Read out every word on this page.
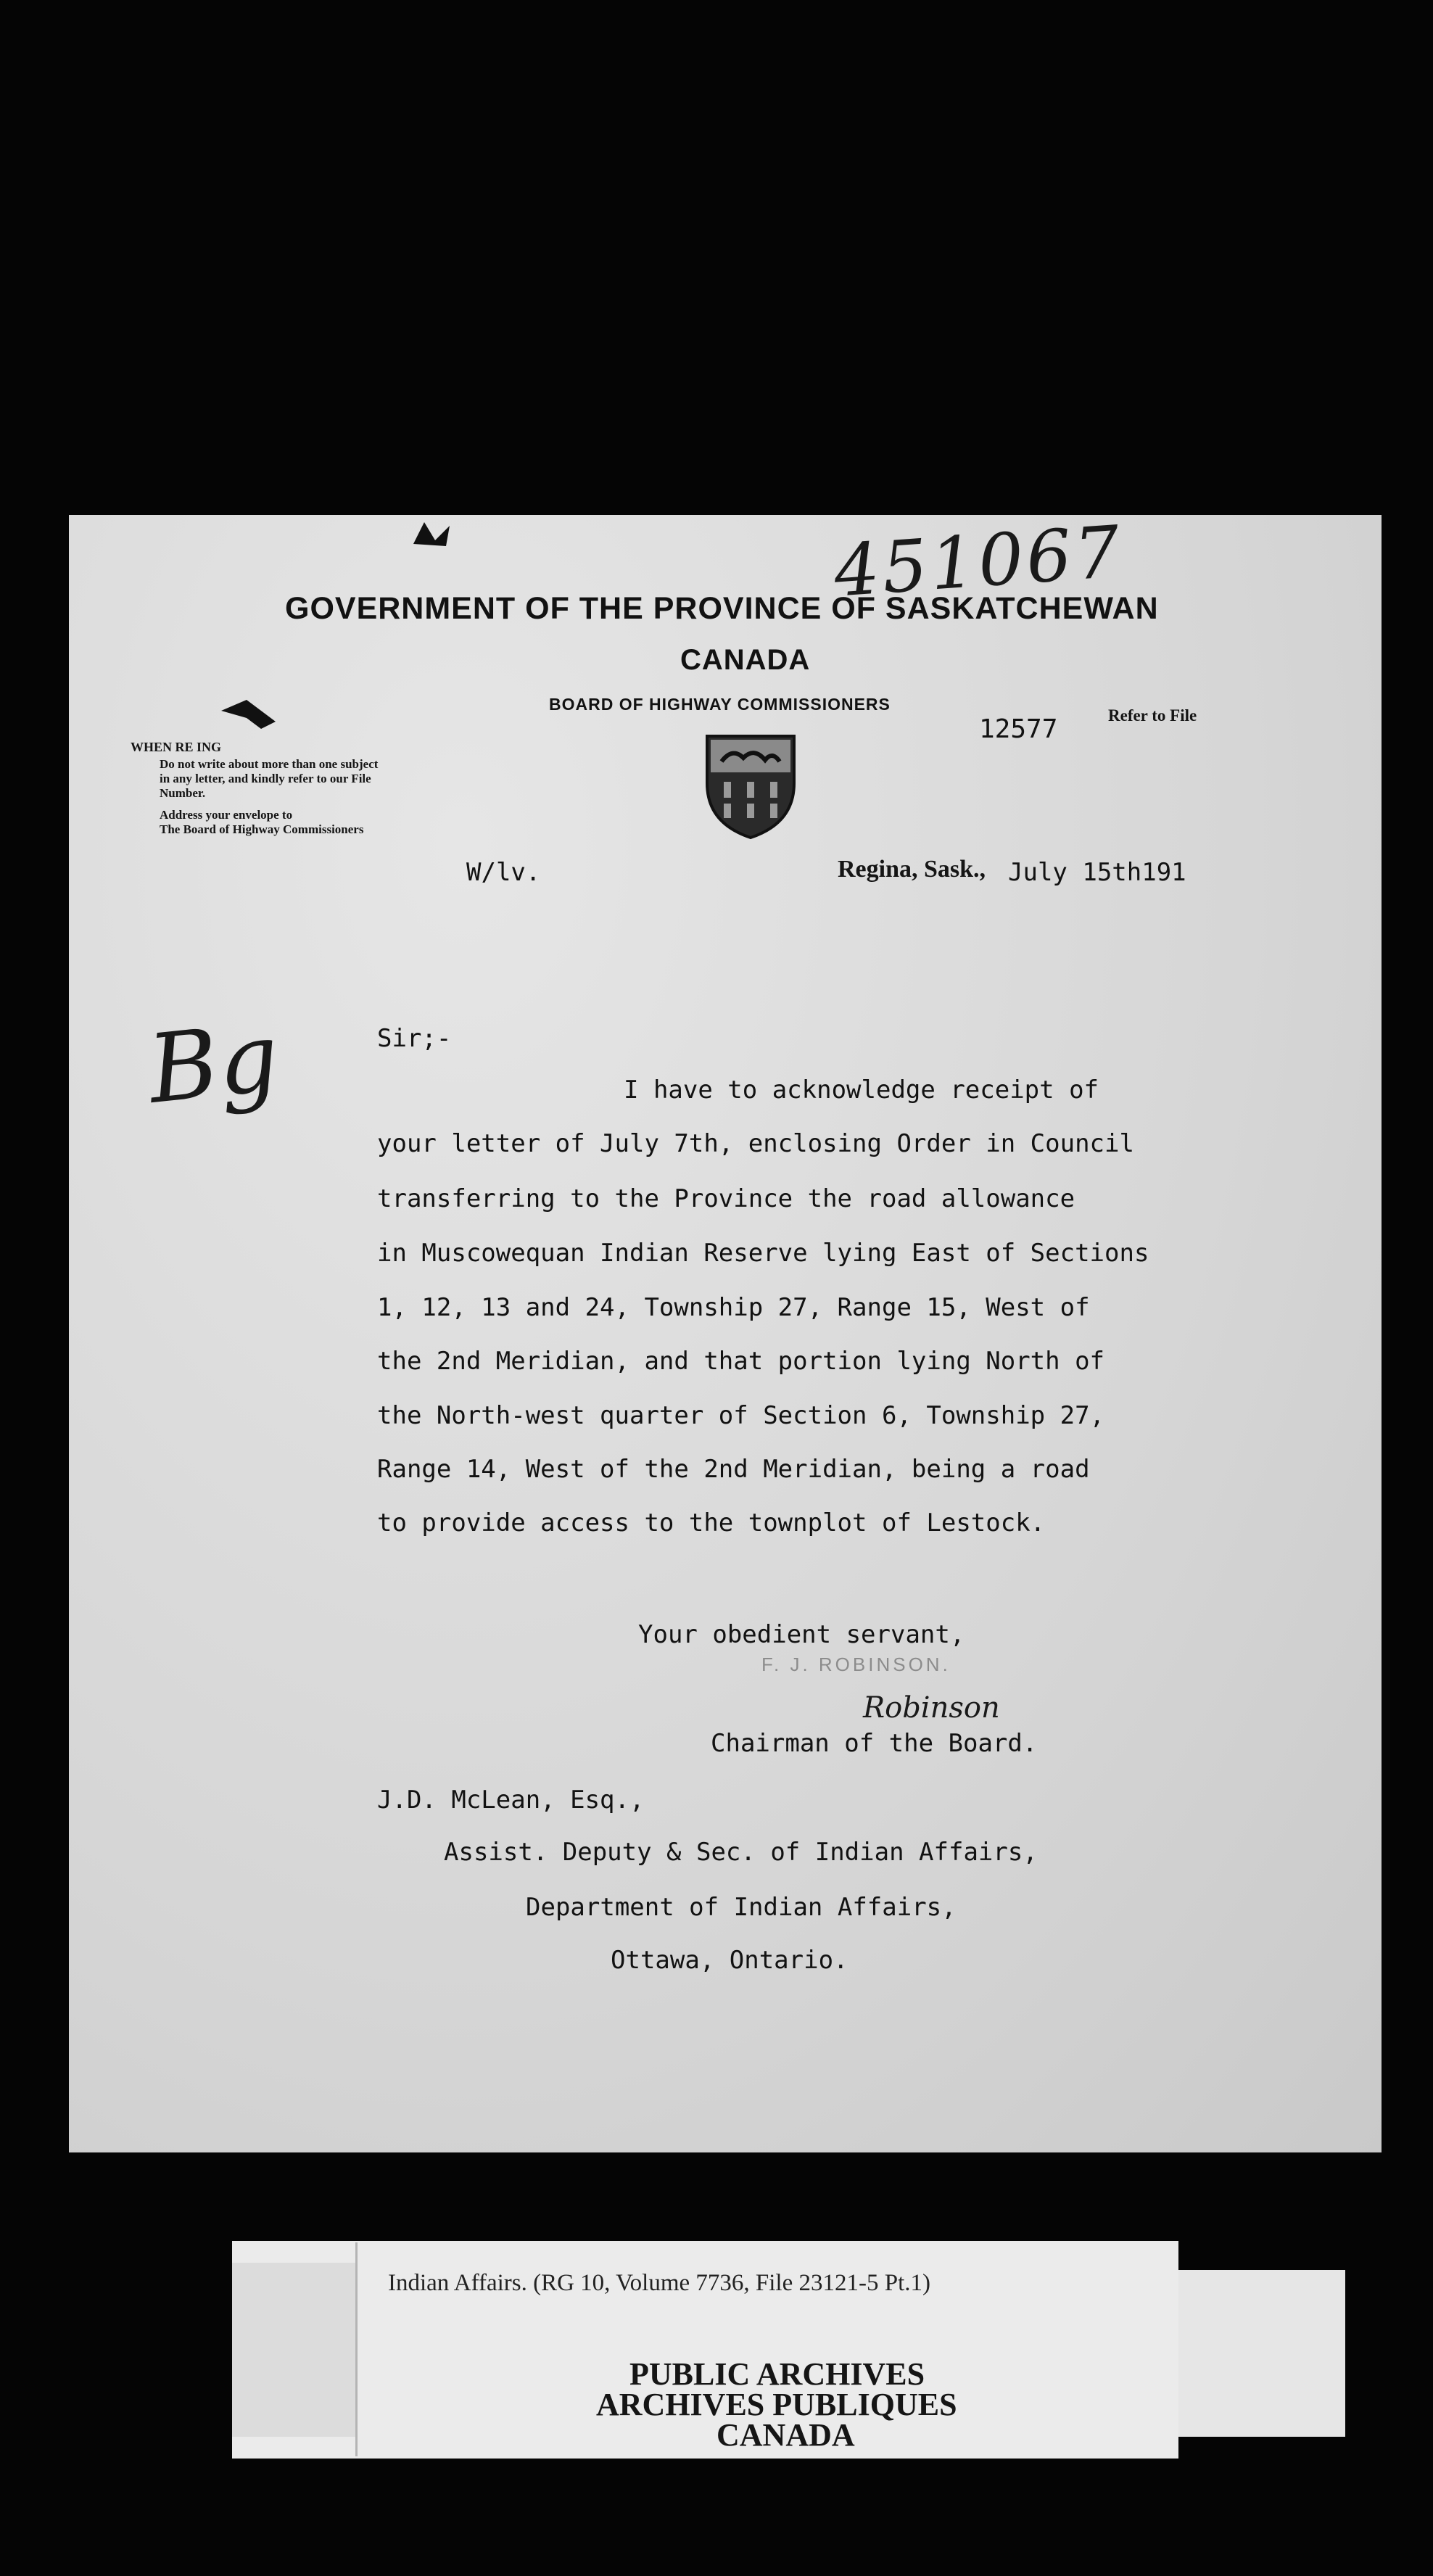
451067
GOVERNMENT OF THE PROVINCE OF SASKATCHEWAN
CANADA
BOARD OF HIGHWAY COMMISSIONERS
12577	Refer to File
WHEN RE ING
Do not write about more than one subject
in any letter, and kindly refer to our File
Number.
Address your envelope to
The Board of Highway Commissioners
W/lv.	Regina, Sask., July 15th191
Bg	Sir;-
I have to acknowledge receipt of
your letter of July 7th, enclosing Order in Council
transferring to the Province the road allowance
in Muscowequan Indian Reserve lying East of Sections
1, 12, 13 and 24, Township 27, Range 15, West of
the 2nd Meridian, and that portion lying North of
the North-west quarter of Section 6, Township 27,
Range 14, West of the 2nd Meridian, being a road
to provide access to the townplot of Lestock.
Your obedient servant,
F. J. ROBINSON.
Robinson
Chairman of the Board.
J.D. McLean, Esq.,
Assist. Deputy & Sec. of Indian Affairs,
Department of Indian Affairs,
Ottawa, Ontario.
Indian Affairs. (RG 10, Volume 7736, File 23121-5 Pt.1)
PUBLIC ARCHIVES
ARCHIVES PUBLIQUES
CANADA
